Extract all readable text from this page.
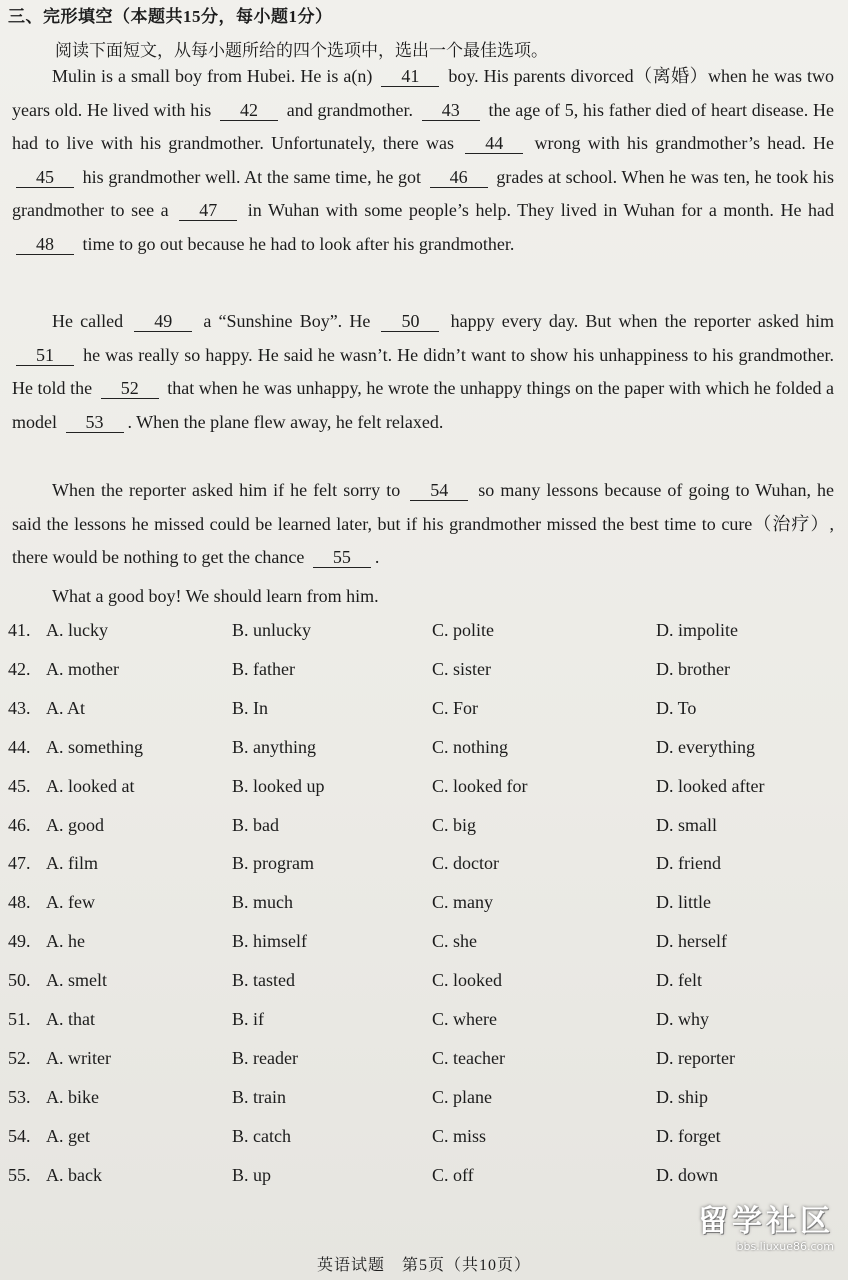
三、完形填空（本题共15分，每小题1分）
阅读下面短文，从每小题所给的四个选项中，选出一个最佳选项。
Mulin is a small boy from Hubei. He is a(n) 41 boy. His parents divorced（离婚）when he was two years old. He lived with his 42 and grandmother. 43 the age of 5, his father died of heart disease. He had to live with his grandmother. Unfortunately, there was 44 wrong with his grandmother’s head. He 45 his grandmother well. At the same time, he got 46 grades at school. When he was ten, he took his grandmother to see a 47 in Wuhan with some people’s help. They lived in Wuhan for a month. He had 48 time to go out because he had to look after his grandmother.
He called 49 a “Sunshine Boy”. He 50 happy every day. But when the reporter asked him 51 he was really so happy. He said he wasn’t. He didn’t want to show his unhappiness to his grandmother. He told the 52 that when he was unhappy, he wrote the unhappy things on the paper with which he folded a model 53 . When the plane flew away, he felt relaxed.
When the reporter asked him if he felt sorry to 54 so many lessons because of going to Wuhan, he said the lessons he missed could be learned later, but if his grandmother missed the best time to cure（治疗）, there would be nothing to get the chance 55 .
What a good boy! We should learn from him.
41. A. lucky	B. unlucky	C. polite	D. impolite
42. A. mother	B. father	C. sister	D. brother
43. A. At	B. In	C. For	D. To
44. A. something	B. anything	C. nothing	D. everything
45. A. looked at	B. looked up	C. looked for	D. looked after
46. A. good	B. bad	C. big	D. small
47. A. film	B. program	C. doctor	D. friend
48. A. few	B. much	C. many	D. little
49. A. he	B. himself	C. she	D. herself
50. A. smelt	B. tasted	C. looked	D. felt
51. A. that	B. if	C. where	D. why
52. A. writer	B. reader	C. teacher	D. reporter
53. A. bike	B. train	C. plane	D. ship
54. A. get	B. catch	C. miss	D. forget
55. A. back	B. up	C. off	D. down
英语试题　第5页（共10页）
留学社区
bbs.liuxue86.com
